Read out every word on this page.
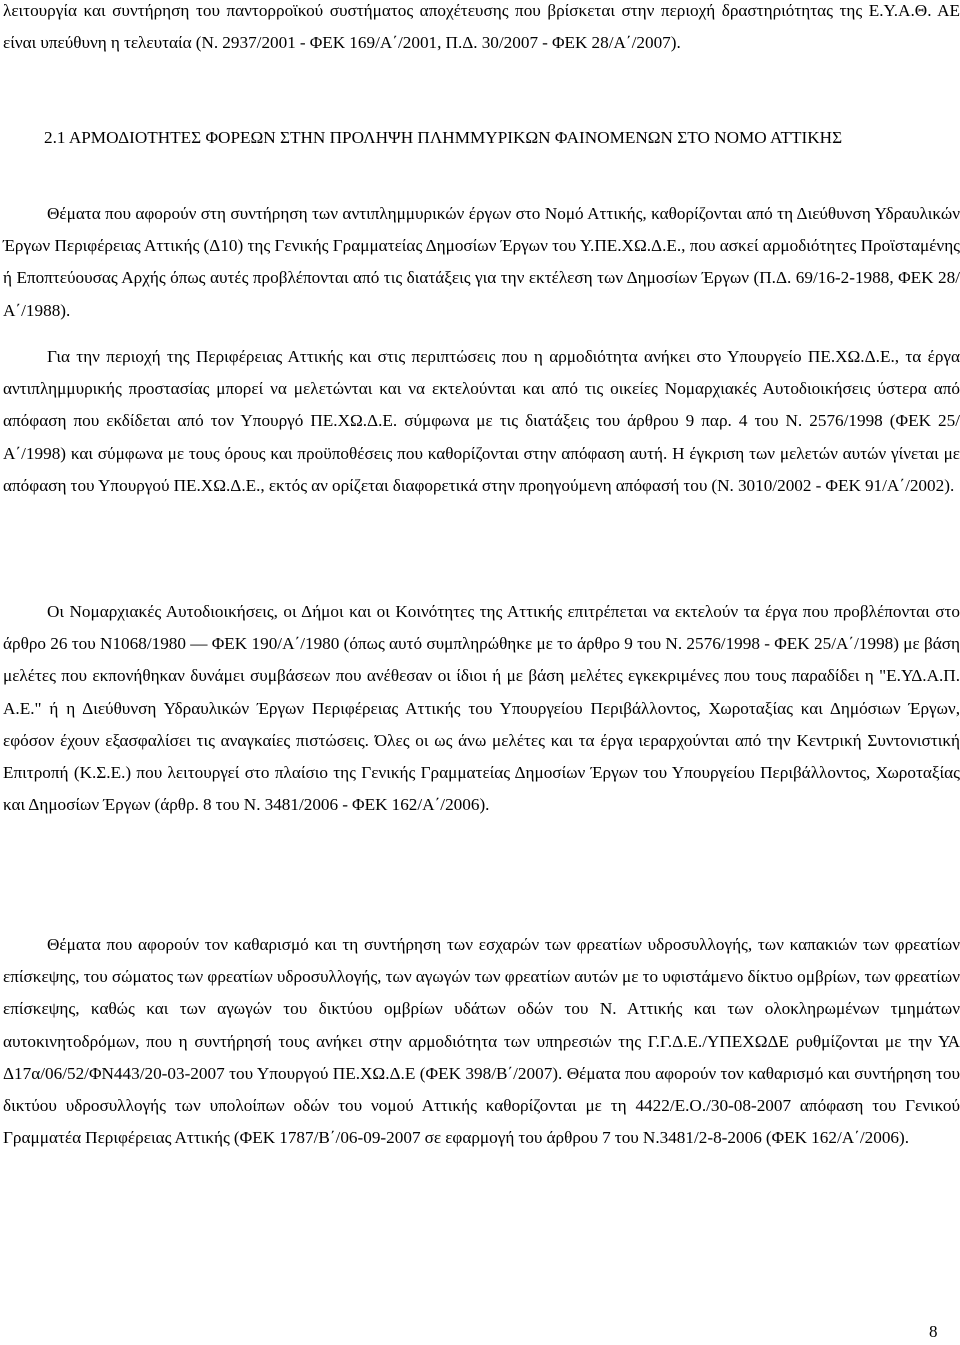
λειτουργία και συντήρηση του παντορροϊκού συστήματος αποχέτευσης που βρίσκεται στην περιοχή δραστηριότητας της Ε.Υ.Α.Θ. ΑΕ είναι υπεύθυνη η τελευταία (Ν. 2937/2001 - ΦΕΚ 169/Α΄/2001, Π.Δ. 30/2007 - ΦΕΚ 28/Α΄/2007).

2.1 ΑΡΜΟΔΙΟΤΗΤΕΣ ΦΟΡΕΩΝ ΣΤΗΝ ΠΡΟΛΗΨΗ ΠΛΗΜΜΥΡΙΚΩΝ ΦΑΙΝΟΜΕΝΩΝ ΣΤΟ ΝΟΜΟ ΑΤΤΙΚΗΣ

Θέματα που αφορούν στη συντήρηση των αντιπλημμυρικών έργων στο Νομό Αττικής, καθορίζονται από τη Διεύθυνση Υδραυλικών Έργων Περιφέρειας Αττικής (Δ10) της Γενικής Γραμματείας Δημοσίων Έργων του Υ.ΠΕ.ΧΩ.Δ.Ε., που ασκεί αρμοδιότητες Προϊσταμένης ή Εποπτεύουσας Αρχής όπως αυτές προβλέπονται από τις διατάξεις για την εκτέλεση των Δημοσίων Έργων (Π.Δ. 69/16-2-1988, ΦΕΚ 28/Α΄/1988).

Για την περιοχή της Περιφέρειας Αττικής και στις περιπτώσεις που η αρμοδιότητα ανήκει στο Υπουργείο ΠΕ.ΧΩ.Δ.Ε., τα έργα αντιπλημμυρικής προστασίας μπορεί να μελετώνται και να εκτελούνται και από τις οικείες Νομαρχιακές Αυτοδιοικήσεις ύστερα από απόφαση που εκδίδεται από τον Υπουργό ΠΕ.ΧΩ.Δ.Ε. σύμφωνα με τις διατάξεις του άρθρου 9 παρ. 4 του Ν. 2576/1998 (ΦΕΚ 25/Α΄/1998) και σύμφωνα με τους όρους και προϋποθέσεις που καθορίζονται στην απόφαση αυτή. Η έγκριση των μελετών αυτών γίνεται με απόφαση του Υπουργού ΠΕ.ΧΩ.Δ.Ε., εκτός αν ορίζεται διαφορετικά στην προηγούμενη απόφασή του (Ν. 3010/2002 - ΦΕΚ 91/Α΄/2002).

Οι Νομαρχιακές Αυτοδιοικήσεις, οι Δήμοι και οι Κοινότητες της Αττικής επιτρέπεται να εκτελούν τα έργα που προβλέπονται στο άρθρο 26 του Ν1068/1980 — ΦΕΚ 190/Α΄/1980 (όπως αυτό συμπληρώθηκε με το άρθρο 9 του Ν. 2576/1998 - ΦΕΚ 25/Α΄/1998) με βάση μελέτες που εκπονήθηκαν δυνάμει συμβάσεων που ανέθεσαν οι ίδιοι ή με βάση μελέτες εγκεκριμένες που τους παραδίδει η "Ε.ΥΔ.Α.Π. Α.Ε." ή η Διεύθυνση Υδραυλικών Έργων Περιφέρειας Αττικής του Υπουργείου Περιβάλλοντος, Χωροταξίας και Δημόσιων Έργων, εφόσον έχουν εξασφαλίσει τις αναγκαίες πιστώσεις. Όλες οι ως άνω μελέτες και τα έργα ιεραρχούνται από την Κεντρική Συντονιστική Επιτροπή (Κ.Σ.Ε.) που λειτουργεί στο πλαίσιο της Γενικής Γραμματείας Δημοσίων Έργων του Υπουργείου Περιβάλλοντος, Χωροταξίας και Δημοσίων Έργων (άρθρ. 8 του Ν. 3481/2006 - ΦΕΚ 162/Α΄/2006).

Θέματα που αφορούν τον καθαρισμό και τη συντήρηση των εσχαρών των φρεατίων υδροσυλλογής, των καπακιών των φρεατίων επίσκεψης, του σώματος των φρεατίων υδροσυλλογής, των αγωγών των φρεατίων αυτών με το υφιστάμενο δίκτυο ομβρίων, των φρεατίων επίσκεψης, καθώς και των αγωγών του δικτύου ομβρίων υδάτων οδών του Ν. Αττικής και των ολοκληρωμένων τμημάτων αυτοκινητοδρόμων, που η συντήρησή τους ανήκει στην αρμοδιότητα των υπηρεσιών της Γ.Γ.Δ.Ε./ΥΠΕΧΩΔΕ ρυθμίζονται με την ΥΑ Δ17α/06/52/ΦΝ443/20-03-2007 του Υπουργού ΠΕ.ΧΩ.Δ.Ε (ΦΕΚ 398/Β΄/2007). Θέματα που αφορούν τον καθαρισμό και συντήρηση του δικτύου υδροσυλλογής των υπολοίπων οδών του νομού Αττικής καθορίζονται με τη 4422/Ε.Ο./30-08-2007 απόφαση του Γενικού Γραμματέα Περιφέρειας Αττικής (ΦΕΚ 1787/Β΄/06-09-2007 σε εφαρμογή του άρθρου 7 του Ν.3481/2-8-2006 (ΦΕΚ 162/Α΄/2006).

8
